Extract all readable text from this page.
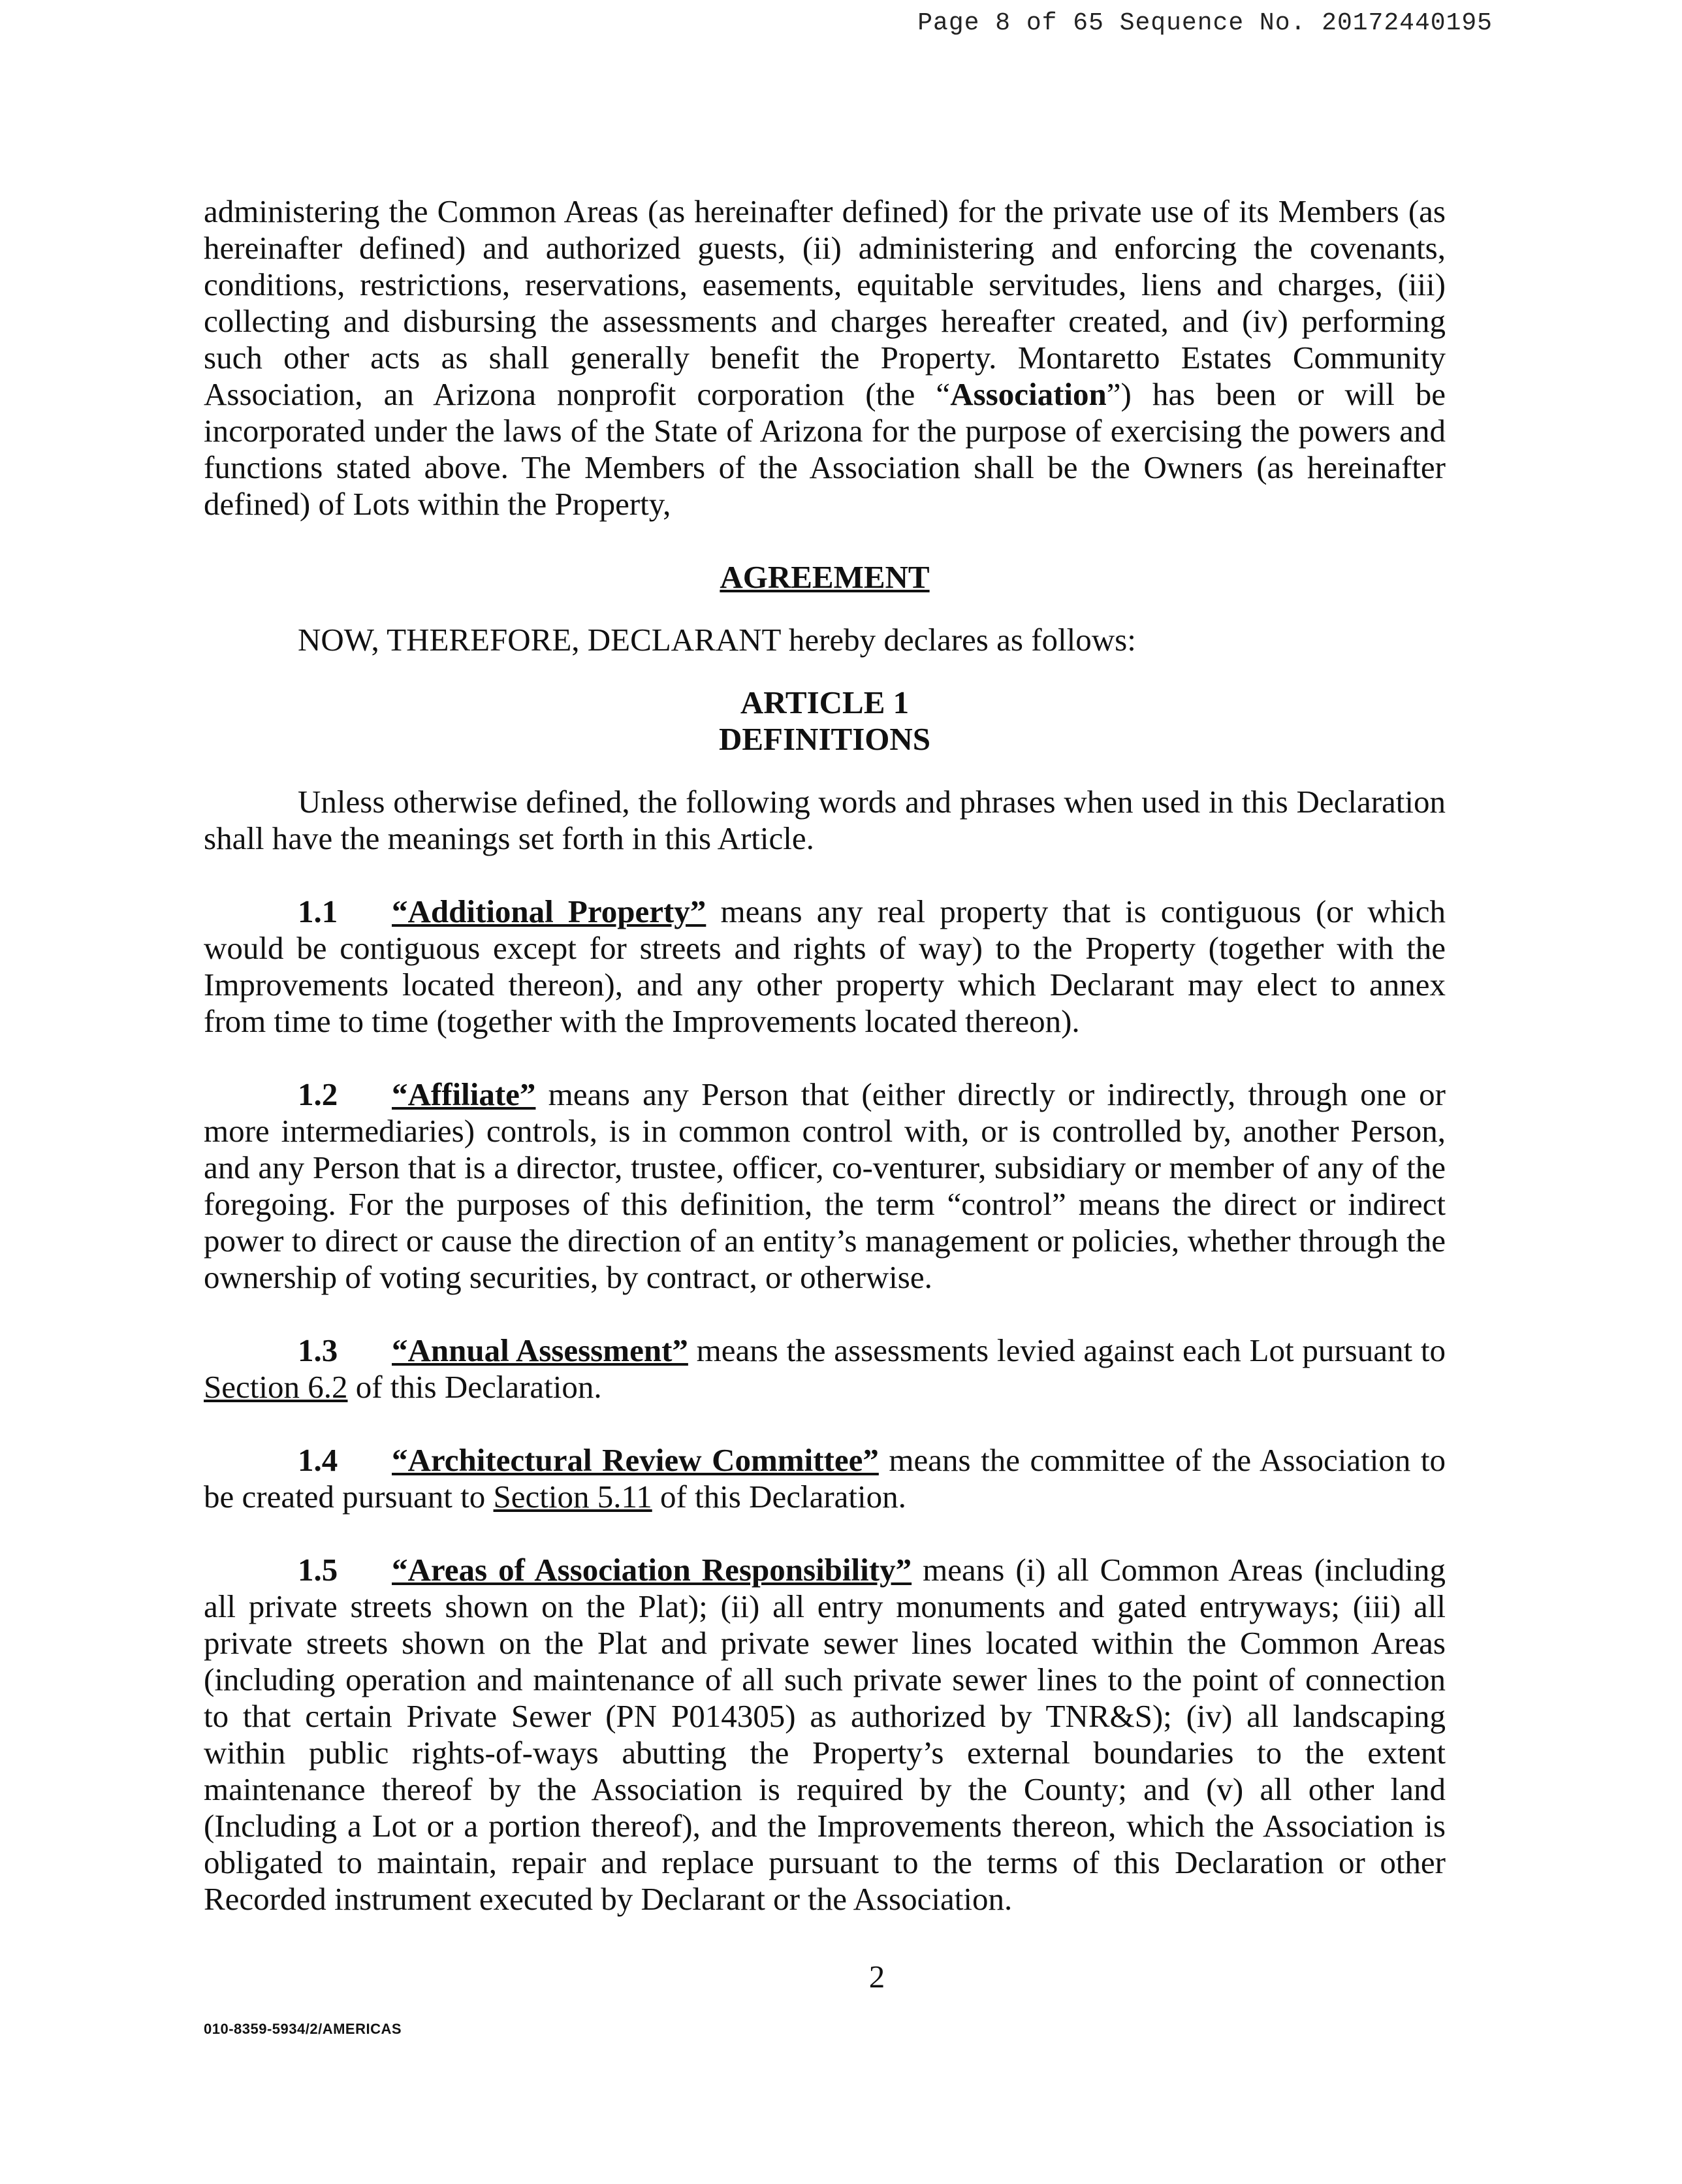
Page 8 of 65 Sequence No. 20172440195

administering the Common Areas (as hereinafter defined) for the private use of its Members (as hereinafter defined) and authorized guests, (ii) administering and enforcing the covenants, conditions, restrictions, reservations, easements, equitable servitudes, liens and charges, (iii) collecting and disbursing the assessments and charges hereafter created, and (iv) performing such other acts as shall generally benefit the Property. Montaretto Estates Community Association, an Arizona nonprofit corporation (the “Association”) has been or will be incorporated under the laws of the State of Arizona for the purpose of exercising the powers and functions stated above. The Members of the Association shall be the Owners (as hereinafter defined) of Lots within the Property,

AGREEMENT

NOW, THEREFORE, DECLARANT hereby declares as follows:

ARTICLE 1

DEFINITIONS

Unless otherwise defined, the following words and phrases when used in this Declaration shall have the meanings set forth in this Article.

1.1 “Additional Property” means any real property that is contiguous (or which would be contiguous except for streets and rights of way) to the Property (together with the Improvements located thereon), and any other property which Declarant may elect to annex from time to time (together with the Improvements located thereon).

1.2 “Affiliate” means any Person that (either directly or indirectly, through one or more intermediaries) controls, is in common control with, or is controlled by, another Person, and any Person that is a director, trustee, officer, co-venturer, subsidiary or member of any of the foregoing. For the purposes of this definition, the term “control” means the direct or indirect power to direct or cause the direction of an entity’s management or policies, whether through the ownership of voting securities, by contract, or otherwise.

1.3 “Annual Assessment” means the assessments levied against each Lot pursuant to Section 6.2 of this Declaration.

1.4 “Architectural Review Committee” means the committee of the Association to be created pursuant to Section 5.11 of this Declaration.

1.5 “Areas of Association Responsibility” means (i) all Common Areas (including all private streets shown on the Plat); (ii) all entry monuments and gated entryways; (iii) all private streets shown on the Plat and private sewer lines located within the Common Areas (including operation and maintenance of all such private sewer lines to the point of connection to that certain Private Sewer (PN P014305) as authorized by TNR&S); (iv) all landscaping within public rights-of-ways abutting the Property’s external boundaries to the extent maintenance thereof by the Association is required by the County; and (v) all other land (Including a Lot or a portion thereof), and the Improvements thereon, which the Association is obligated to maintain, repair and replace pursuant to the terms of this Declaration or other Recorded instrument executed by Declarant or the Association.

2
010-8359-5934/2/AMERICAS
